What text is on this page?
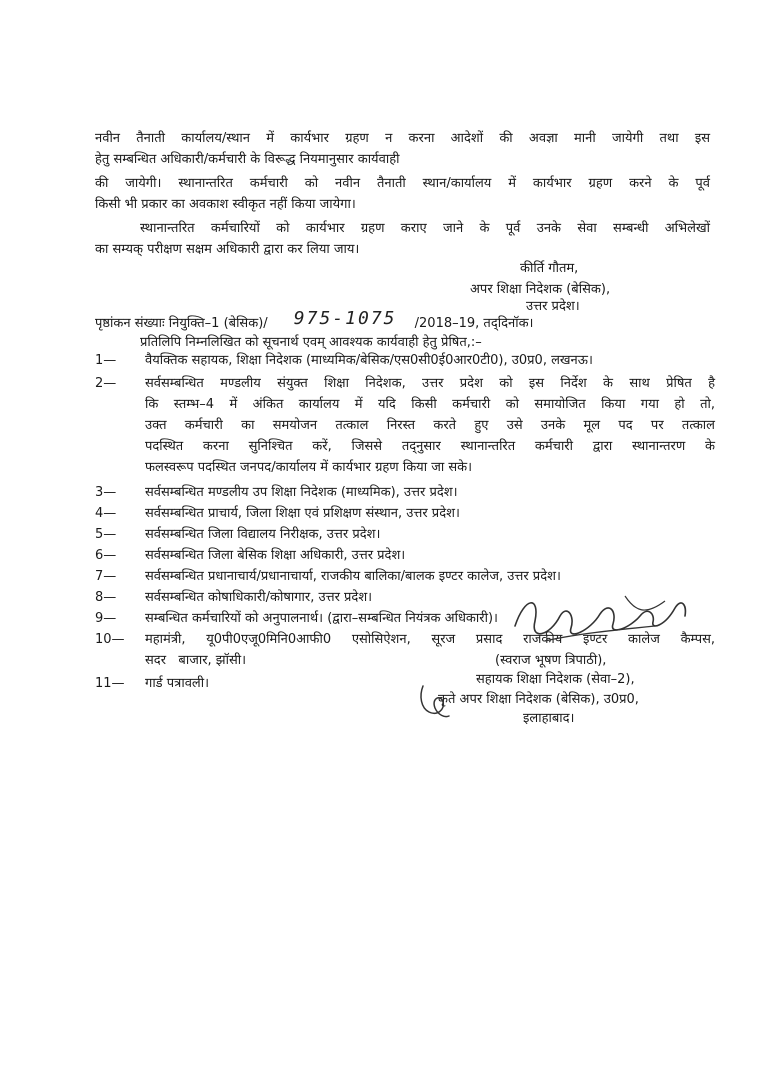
नवीन तैनाती कार्यालय/स्थान में कार्यभार ग्रहण न करना आदेशों की अवज्ञा मानी जायेगी तथा इस
हेतु सम्बन्धित अधिकारी/कर्मचारी के विरूद्ध नियमानुसार कार्यवाही
की जायेगी। स्थानान्तरित कर्मचारी को नवीन तैनाती स्थान/कार्यालय में कार्यभार ग्रहण करने के पूर्व
किसी भी प्रकार का अवकाश स्वीकृत नहीं किया जायेगा।
स्थानान्तरित कर्मचारियों को कार्यभार ग्रहण कराए जाने के पूर्व उनके सेवा सम्बन्धी अभिलेखों
का सम्यक् परीक्षण सक्षम अधिकारी द्वारा कर लिया जाय।
कीर्ति गौतम,
अपर शिक्षा निदेशक (बेसिक),
उत्तर प्रदेश।
पृष्ठांकन संख्याः नियुक्ति–1 (बेसिक)/ 975-1075 /2018–19, तद्‌दिनॉक।
प्रतिलिपि निम्नलिखित को सूचनार्थ एवम् आवश्यक कार्यवाही हेतु प्रेषित,:–
1—	वैयक्तिक सहायक, शिक्षा निदेशक (माध्यमिक/बेसिक/एस0सी0ई0आर0टी0), उ0प्र0, लखनऊ।
2—	सर्वसम्बन्धित मण्डलीय संयुक्त शिक्षा निदेशक, उत्तर प्रदेश को इस निर्देश के साथ प्रेषित है
कि स्तम्भ–4 में अंकित कार्यालय में यदि किसी कर्मचारी को समायोजित किया गया हो तो,
उक्त कर्मचारी का समयोजन तत्काल निरस्त करते हुए उसे उनके मूल पद पर तत्काल
पदस्थित करना सुनिश्चित करें, जिससे तद्नुसार स्थानान्तरित कर्मचारी द्वारा स्थानान्तरण के
फलस्वरूप पदस्थित जनपद/कार्यालय में कार्यभार ग्रहण किया जा सके।
3—	सर्वसम्बन्धित मण्डलीय उप शिक्षा निदेशक (माध्यमिक), उत्तर प्रदेश।
4—	सर्वसम्बन्धित प्राचार्य, जिला शिक्षा एवं प्रशिक्षण संस्थान, उत्तर प्रदेश।
5—	सर्वसम्बन्धित जिला विद्यालय निरीक्षक, उत्तर प्रदेश।
6—	सर्वसम्बन्धित जिला बेसिक शिक्षा अधिकारी, उत्तर प्रदेश।
7—	सर्वसम्बन्धित प्रधानाचार्य/प्रधानाचार्या, राजकीय बालिका/बालक इण्टर कालेज, उत्तर प्रदेश।
8—	सर्वसम्बन्धित कोषाधिकारी/कोषागार, उत्तर प्रदेश।
9—	सम्बन्धित कर्मचारियों को अनुपालनार्थ। (द्वारा–सम्बन्धित नियंत्रक अधिकारी)।
10—	महामंत्री, यू0पी0एजू0मिनि0आफी0 एसोसिऐशन, सूरज प्रसाद राजकीय इण्टर कालेज कैम्पस,
सदर   बाजार, झॉसी।
11—	गार्ड पत्रावली।
(स्वराज भूषण त्रिपाठी),
सहायक शिक्षा निदेशक (सेवा–2),
कृते अपर शिक्षा निदेशक (बेसिक), उ0प्र0,
इलाहाबाद।
